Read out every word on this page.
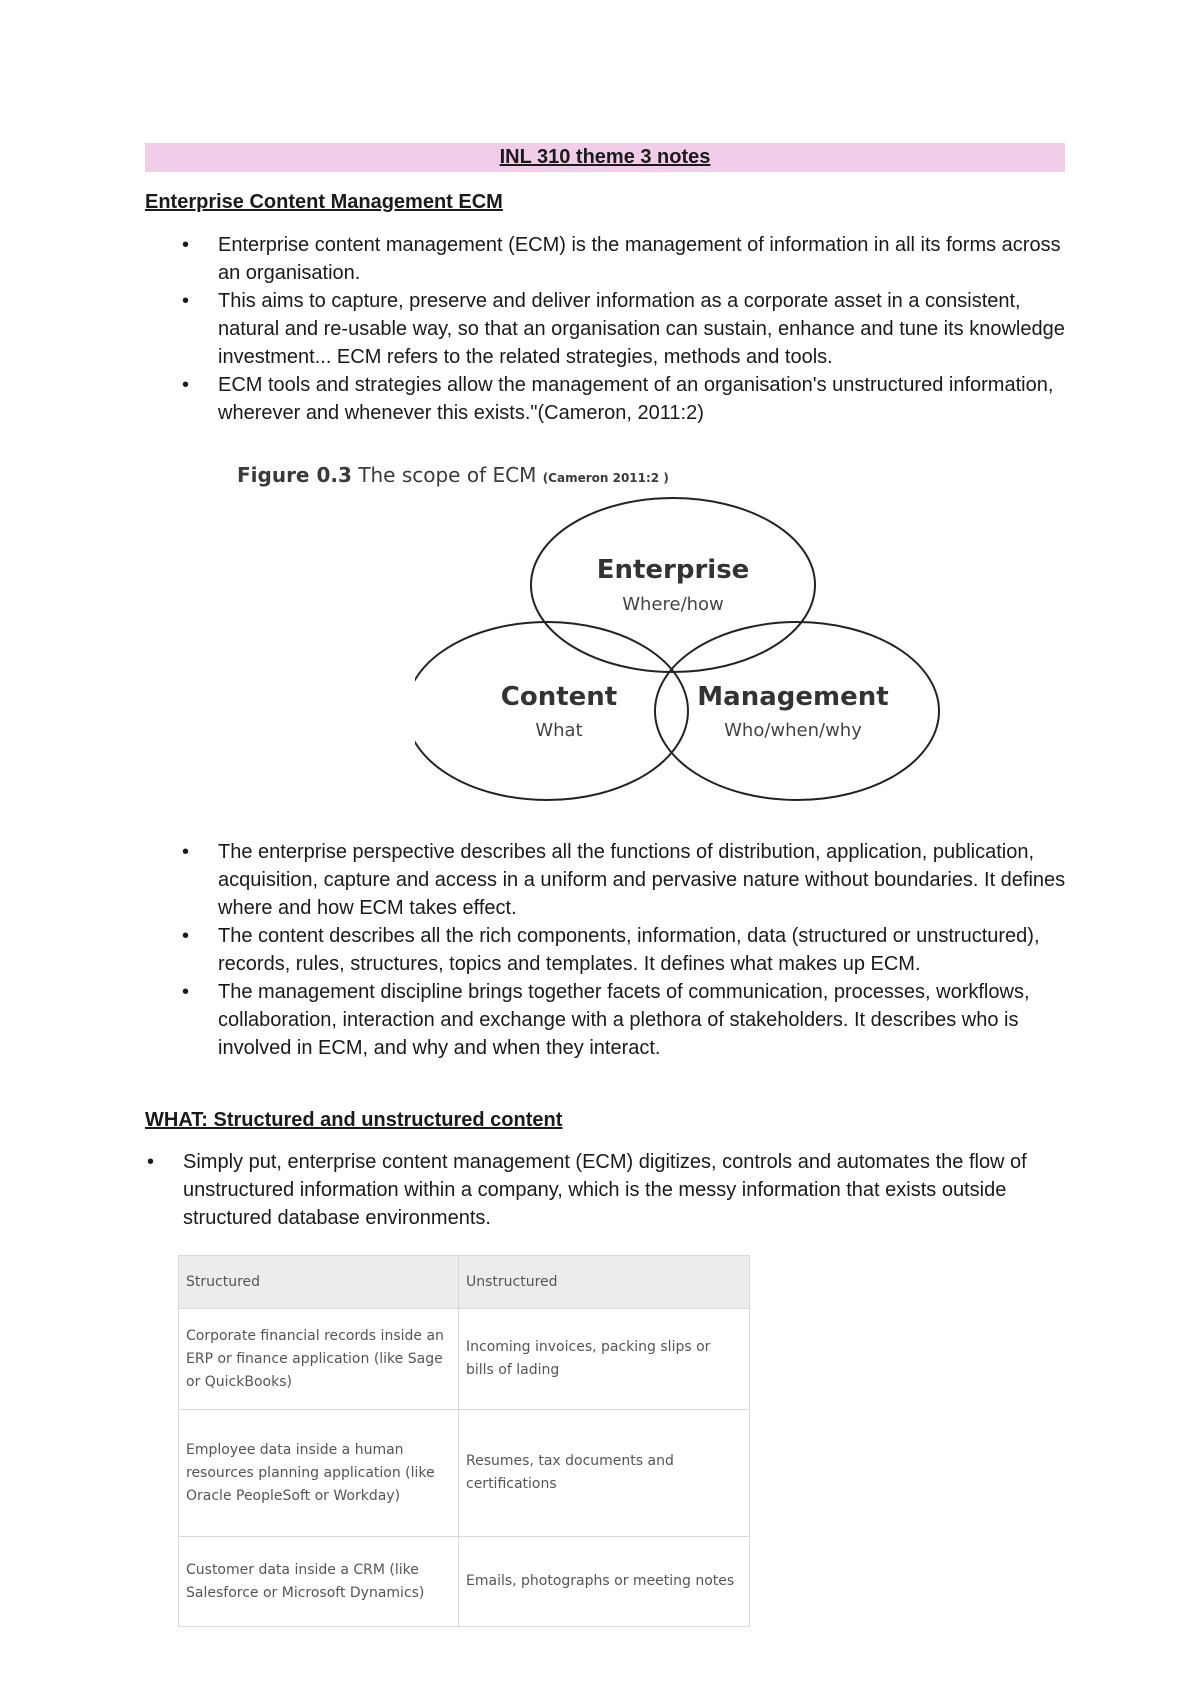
INL 310 theme 3 notes
Enterprise Content Management ECM
• Enterprise content management (ECM) is the management of information in all its forms across an organisation.
• This aims to capture, preserve and deliver information as a corporate asset in a consistent, natural and re-usable way, so that an organisation can sustain, enhance and tune its knowledge investment... ECM refers to the related strategies, methods and tools.
• ECM tools and strategies allow the management of an organisation's unstructured information, wherever and whenever this exists."(Cameron, 2011:2)
Figure 0.3 The scope of ECM (Cameron 2011:2 )
Enterprise
Where/how
Content
What
Management
Who/when/why
• The enterprise perspective describes all the functions of distribution, application, publication, acquisition, capture and access in a uniform and pervasive nature without boundaries. It defines where and how ECM takes effect.
• The content describes all the rich components, information, data (structured or unstructured), records, rules, structures, topics and templates. It defines what makes up ECM.
• The management discipline brings together facets of communication, processes, workflows, collaboration, interaction and exchange with a plethora of stakeholders. It describes who is involved in ECM, and why and when they interact.
WHAT: Structured and unstructured content
• Simply put, enterprise content management (ECM) digitizes, controls and automates the flow of unstructured information within a company, which is the messy information that exists outside structured database environments.
Structured	Unstructured
Corporate financial records inside an ERP or finance application (like Sage or QuickBooks)	Incoming invoices, packing slips or bills of lading
Employee data inside a human resources planning application (like Oracle PeopleSoft or Workday)	Resumes, tax documents and certifications
Customer data inside a CRM (like Salesforce or Microsoft Dynamics)	Emails, photographs or meeting notes
